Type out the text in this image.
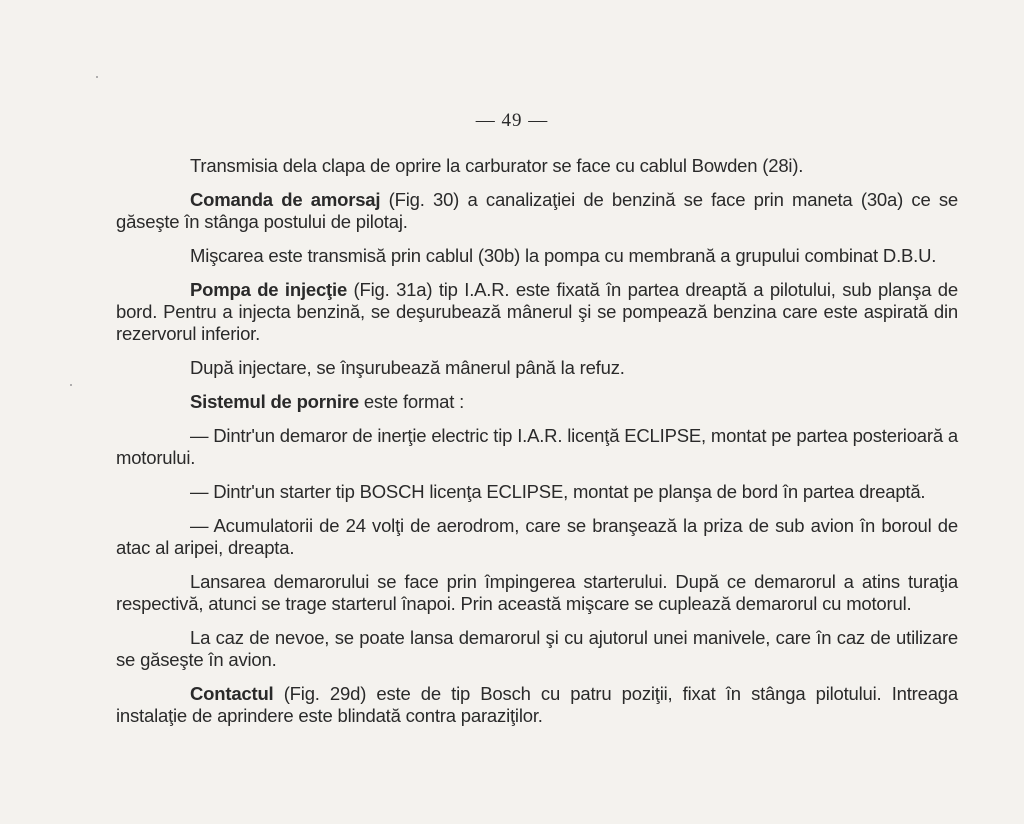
— 49 —

Transmisia dela clapa de oprire la carburator se face cu cablul Bowden (28i).

Comanda de amorsaj (Fig. 30) a canalizaţiei de benzină se face prin maneta (30a) ce se găseşte în stânga postului de pilotaj.

Mişcarea este transmisă prin cablul (30b) la pompa cu membrană a grupului combinat D.B.U.

Pompa de injecţie (Fig. 31a) tip I.A.R. este fixată în partea dreaptă a pilotului, sub planşa de bord. Pentru a injecta benzină, se deşurubează mânerul şi se pompează benzina care este aspirată din rezervorul inferior.

După injectare, se înşurubează mânerul până la refuz.

Sistemul de pornire este format :

— Dintr'un demaror de inerţie electric tip I.A.R. licenţă ECLIPSE, montat pe partea posterioară a motorului.

— Dintr'un starter tip BOSCH licenţa ECLIPSE, montat pe planşa de bord în partea dreaptă.

— Acumulatorii de 24 volţi de aerodrom, care se branşează la priza de sub avion în boroul de atac al aripei, dreapta.

Lansarea demarorului se face prin împingerea starterului. După ce demarorul a atins turaţia respectivă, atunci se trage starterul înapoi. Prin această mişcare se cuplează demarorul cu motorul.

La caz de nevoe, se poate lansa demarorul şi cu ajutorul unei manivele, care în caz de utilizare se găseşte în avion.

Contactul (Fig. 29d) este de tip Bosch cu patru poziţii, fixat în stânga pilotului. Intreaga instalaţie de aprindere este blindată contra paraziţilor.
